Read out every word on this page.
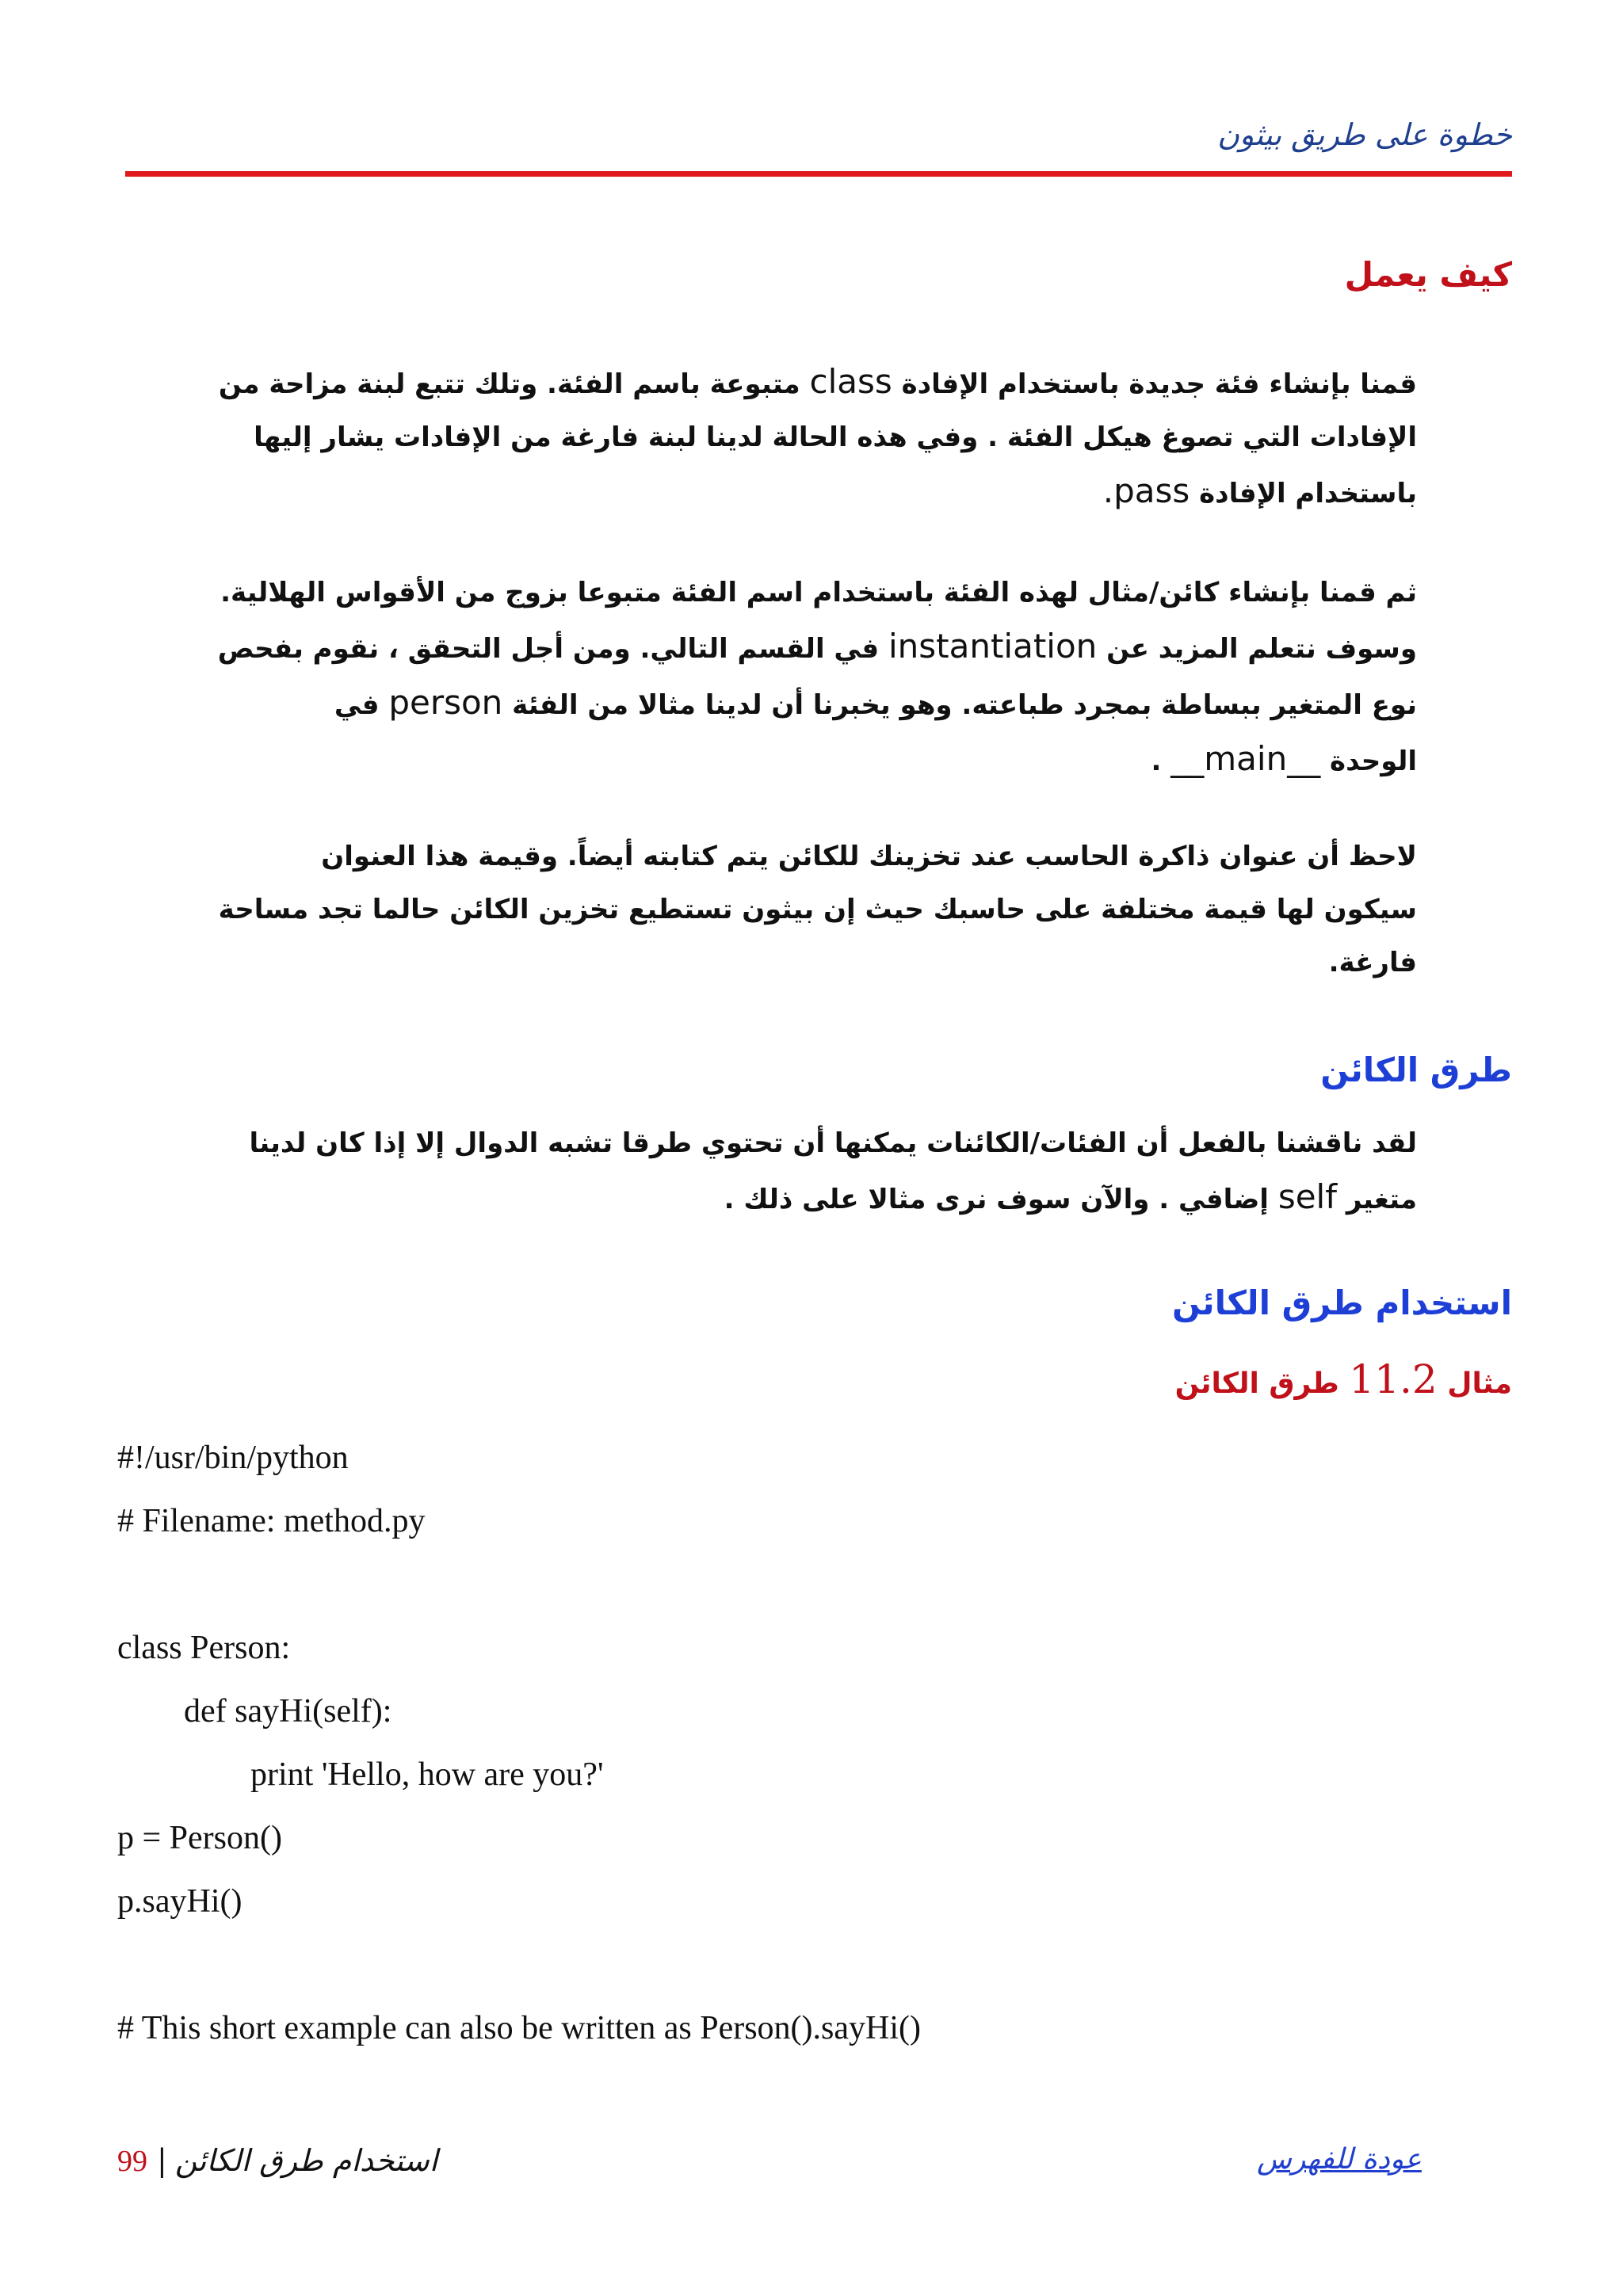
خطوة على طريق بيثون
كيف يعمل
قمنا بإنشاء فئة جديدة باستخدام الإفادة class متبوعة باسم الفئة. وتلك تتبع لبنة مزاحة من
الإفادات التي تصوغ هيكل الفئة . وفي هذه الحالة لدينا لبنة فارغة من الإفادات يشار إليها
باستخدام الإفادة pass.
ثم قمنا بإنشاء كائن/مثال لهذه الفئة باستخدام اسم الفئة متبوعا بزوج من الأقواس الهلالية.
وسوف نتعلم المزيد عن instantiation في القسم التالي. ومن أجل التحقق ، نقوم بفحص
نوع المتغير ببساطة بمجرد طباعته. وهو يخبرنا أن لدينا مثالا من الفئة person في
الوحدة __main__ .
لاحظ أن عنوان ذاكرة الحاسب عند تخزينك للكائن يتم كتابته أيضاً. وقيمة هذا العنوان
سيكون لها قيمة مختلفة على حاسبك حيث إن بيثون تستطيع تخزين الكائن حالما تجد مساحة
فارغة.
طرق الكائن
لقد ناقشنا بالفعل أن الفئات/الكائنات يمكنها أن تحتوي طرقا تشبه الدوال إلا إذا كان لدينا
متغير self إضافي . والآن سوف نرى مثالا على ذلك .
استخدام طرق الكائن
مثال 11.2 طرق الكائن
#!/usr/bin/python
# Filename: method.py
class Person:
def sayHi(self):
print 'Hello, how are you?'
p = Person()
p.sayHi()
# This short example can also be written as Person().sayHi()
99 | استخدام طرق الكائن	عودة للفهرس
